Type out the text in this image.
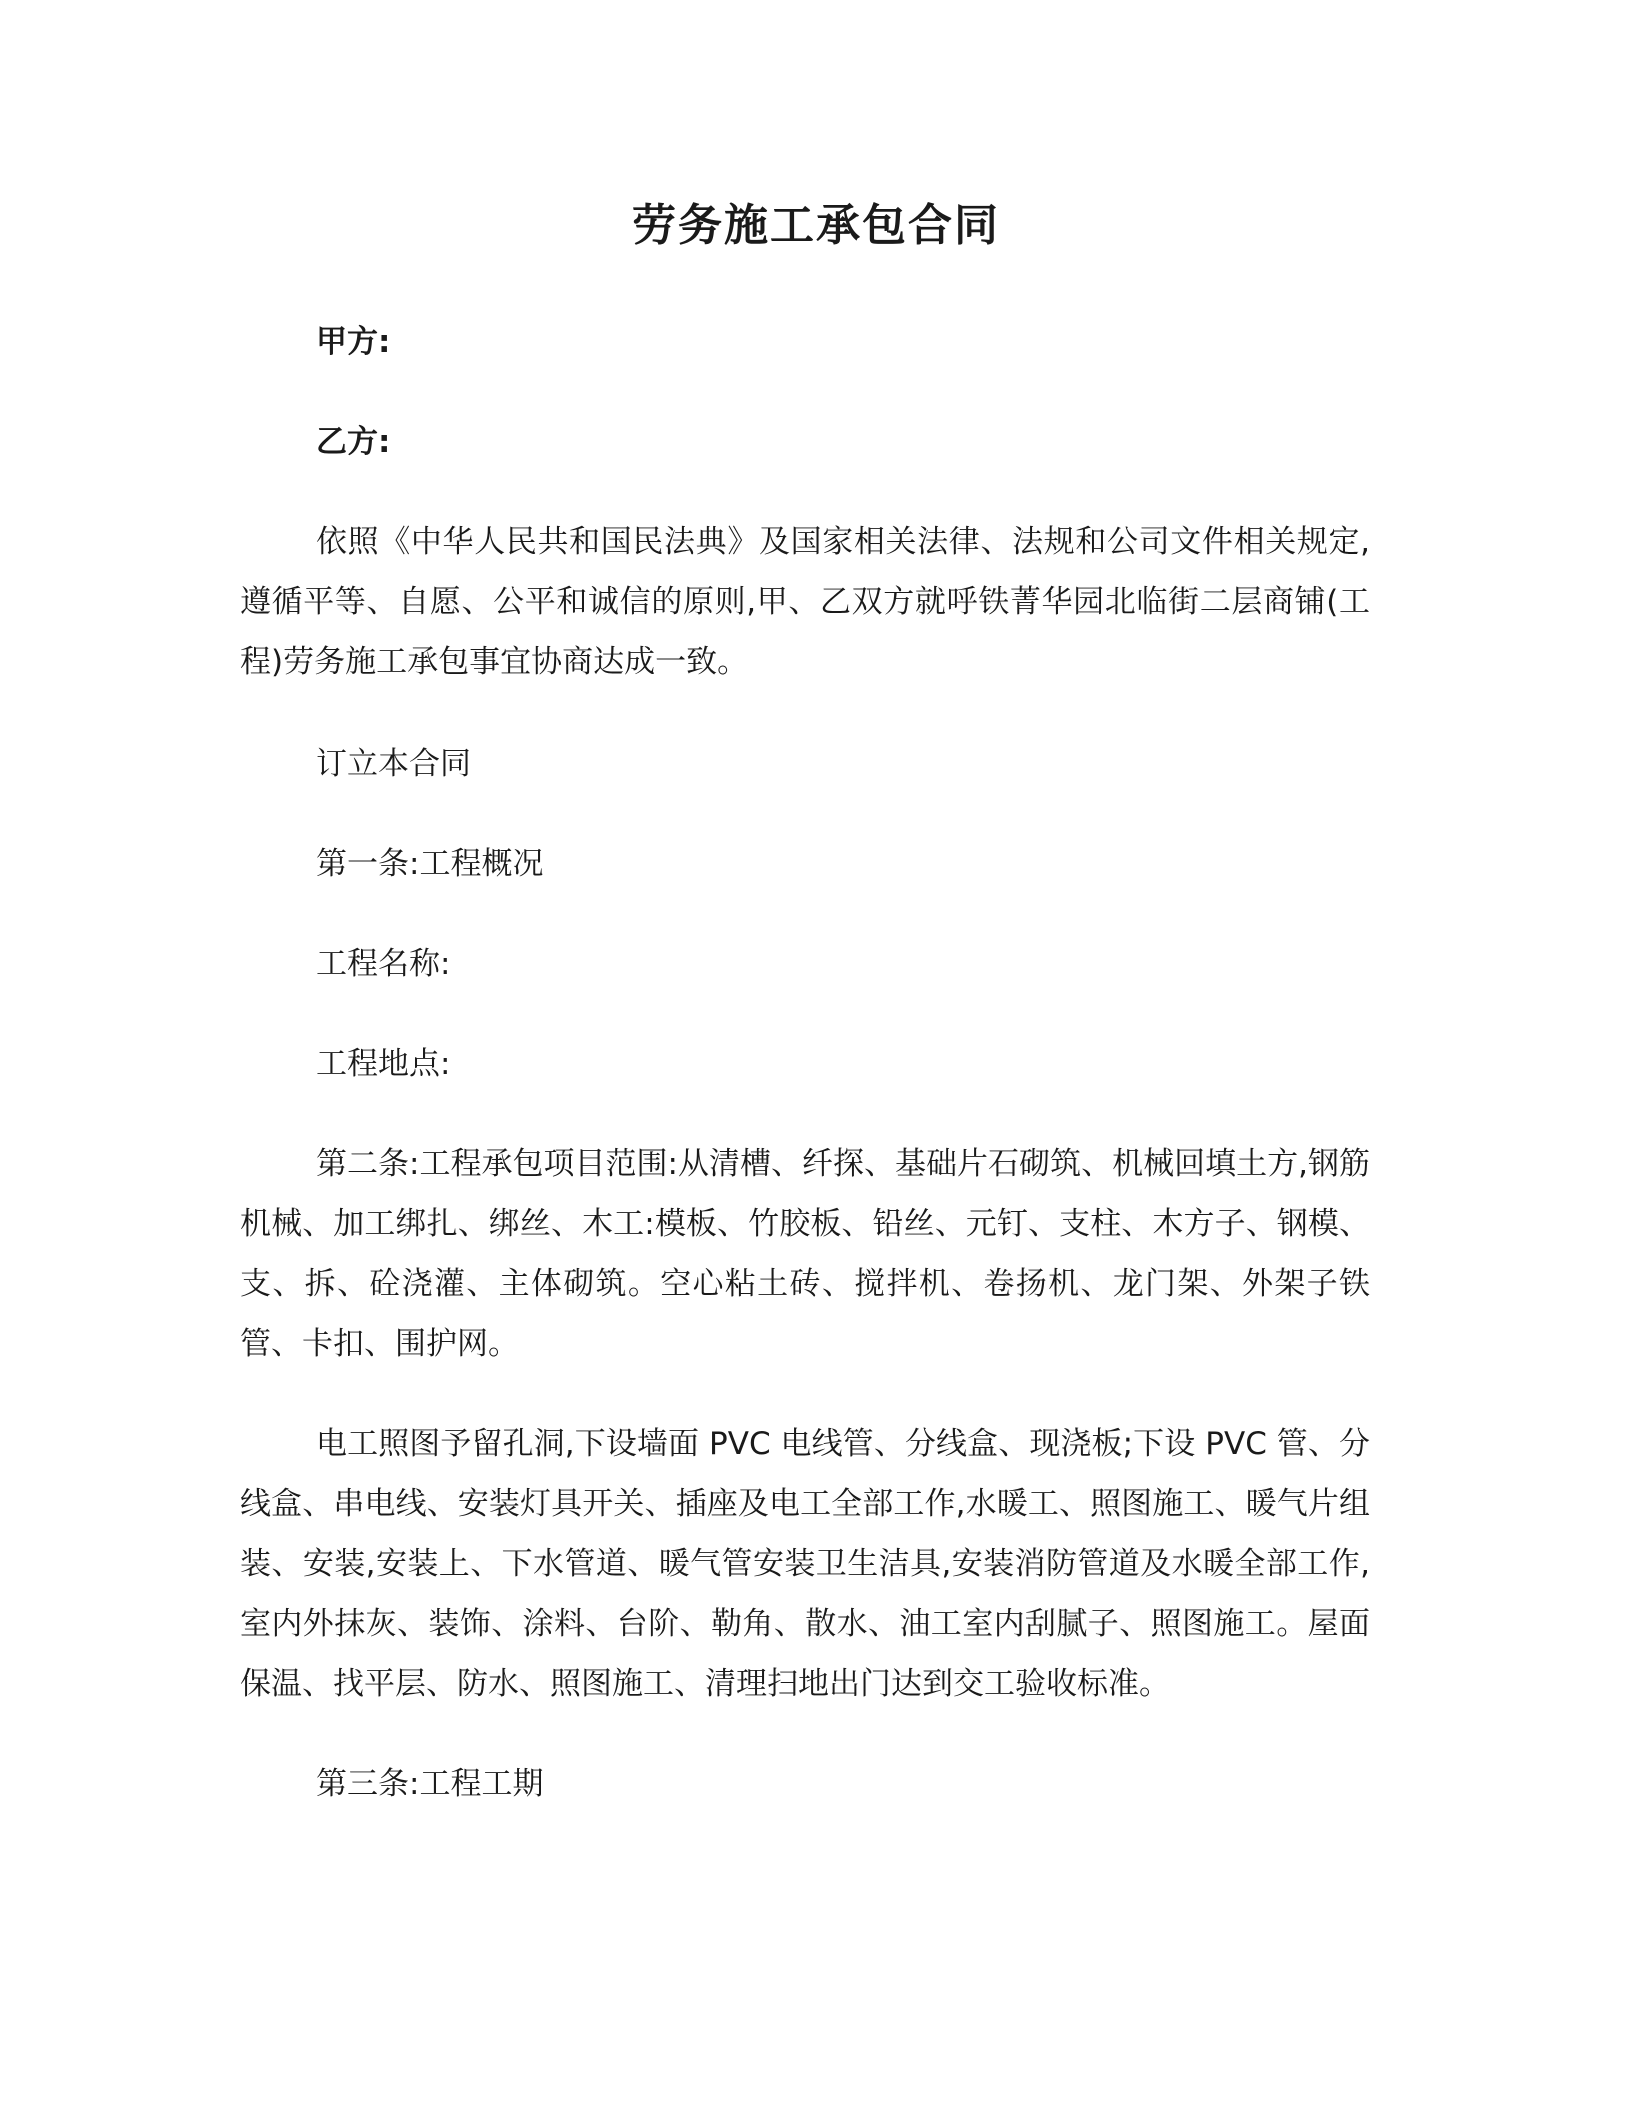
劳务施工承包合同
甲方:
乙方:
依照《中华人民共和国民法典》及国家相关法律、法规和公司文件相关规定,遵循平等、自愿、公平和诚信的原则,甲、乙双方就呼铁菁华园北临街二层商铺(工程)劳务施工承包事宜协商达成一致。
订立本合同
第一条:工程概况
工程名称:
工程地点:
第二条:工程承包项目范围:从清槽、纤探、基础片石砌筑、机械回填土方,钢筋机械、加工绑扎、绑丝、木工:模板、竹胶板、铅丝、元钉、支柱、木方子、钢模、支、拆、砼浇灌、主体砌筑。空心粘土砖、搅拌机、卷扬机、龙门架、外架子铁管、卡扣、围护网。
电工照图予留孔洞,下设墙面 PVC 电线管、分线盒、现浇板;下设 PVC 管、分线盒、串电线、安装灯具开关、插座及电工全部工作,水暖工、照图施工、暖气片组装、安装,安装上、下水管道、暖气管安装卫生洁具,安装消防管道及水暖全部工作,室内外抹灰、装饰、涂料、台阶、勒角、散水、油工室内刮腻子、照图施工。屋面保温、找平层、防水、照图施工、清理扫地出门达到交工验收标准。
第三条:工程工期
